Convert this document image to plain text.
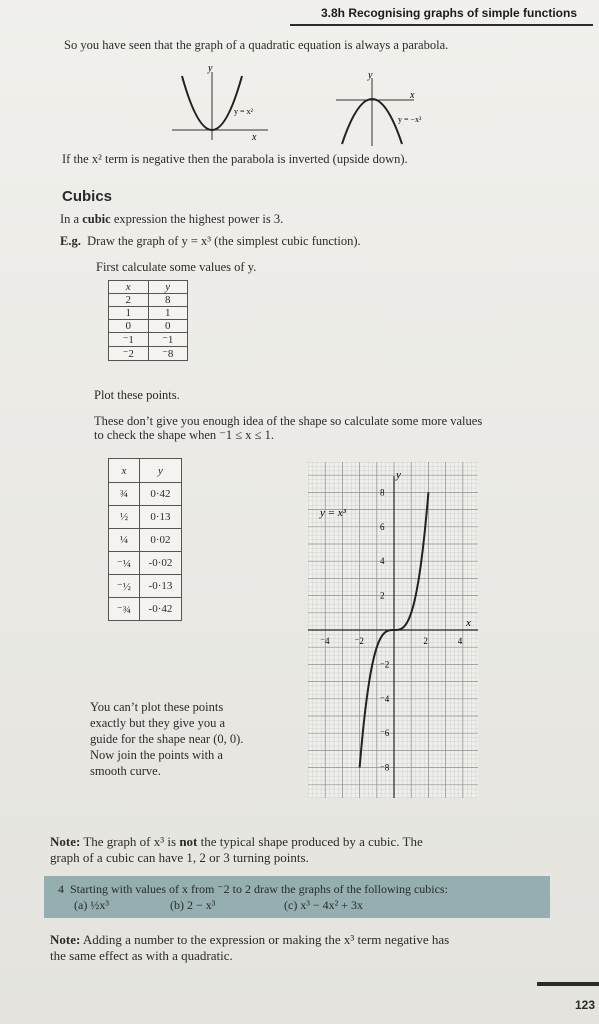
3.8h Recognising graphs of simple functions
So you have seen that the graph of a quadratic equation is always a parabola.
y
x
y = x²
y
x
y = −x²
If the x² term is negative then the parabola is inverted (upside down).
Cubics
In a cubic expression the highest power is 3.
E.g. Draw the graph of y = x³ (the simplest cubic function).
First calculate some values of y.
x	y
2	8
1	1
0	0
⁻1	⁻1
⁻2	⁻8
Plot these points.
These don’t give you enough idea of the shape so calculate some more values
to check the shape when ⁻1 ≤ x ≤ 1.
x	y
¾	0·42
½	0·13
¼	0·02
⁻¼	-0·02
⁻½	-0·13
⁻¾	-0·42
You can’t plot these points
exactly but they give you a
guide for the shape near (0, 0).
Now join the points with a
smooth curve.
⁻4	⁻2	2	4
8
6
4
2
⁻2
⁻4
⁻6
⁻8
y = x³
x
y
Note: The graph of x³ is not the typical shape produced by a cubic. The
graph of a cubic can have 1, 2 or 3 turning points.
4 Starting with values of x from ⁻2 to 2 draw the graphs of the following cubics:
(a) ½x³	(b) 2 − x³	(c) x³ − 4x² + 3x
Note: Adding a number to the expression or making the x³ term negative has
the same effect as with a quadratic.
123
